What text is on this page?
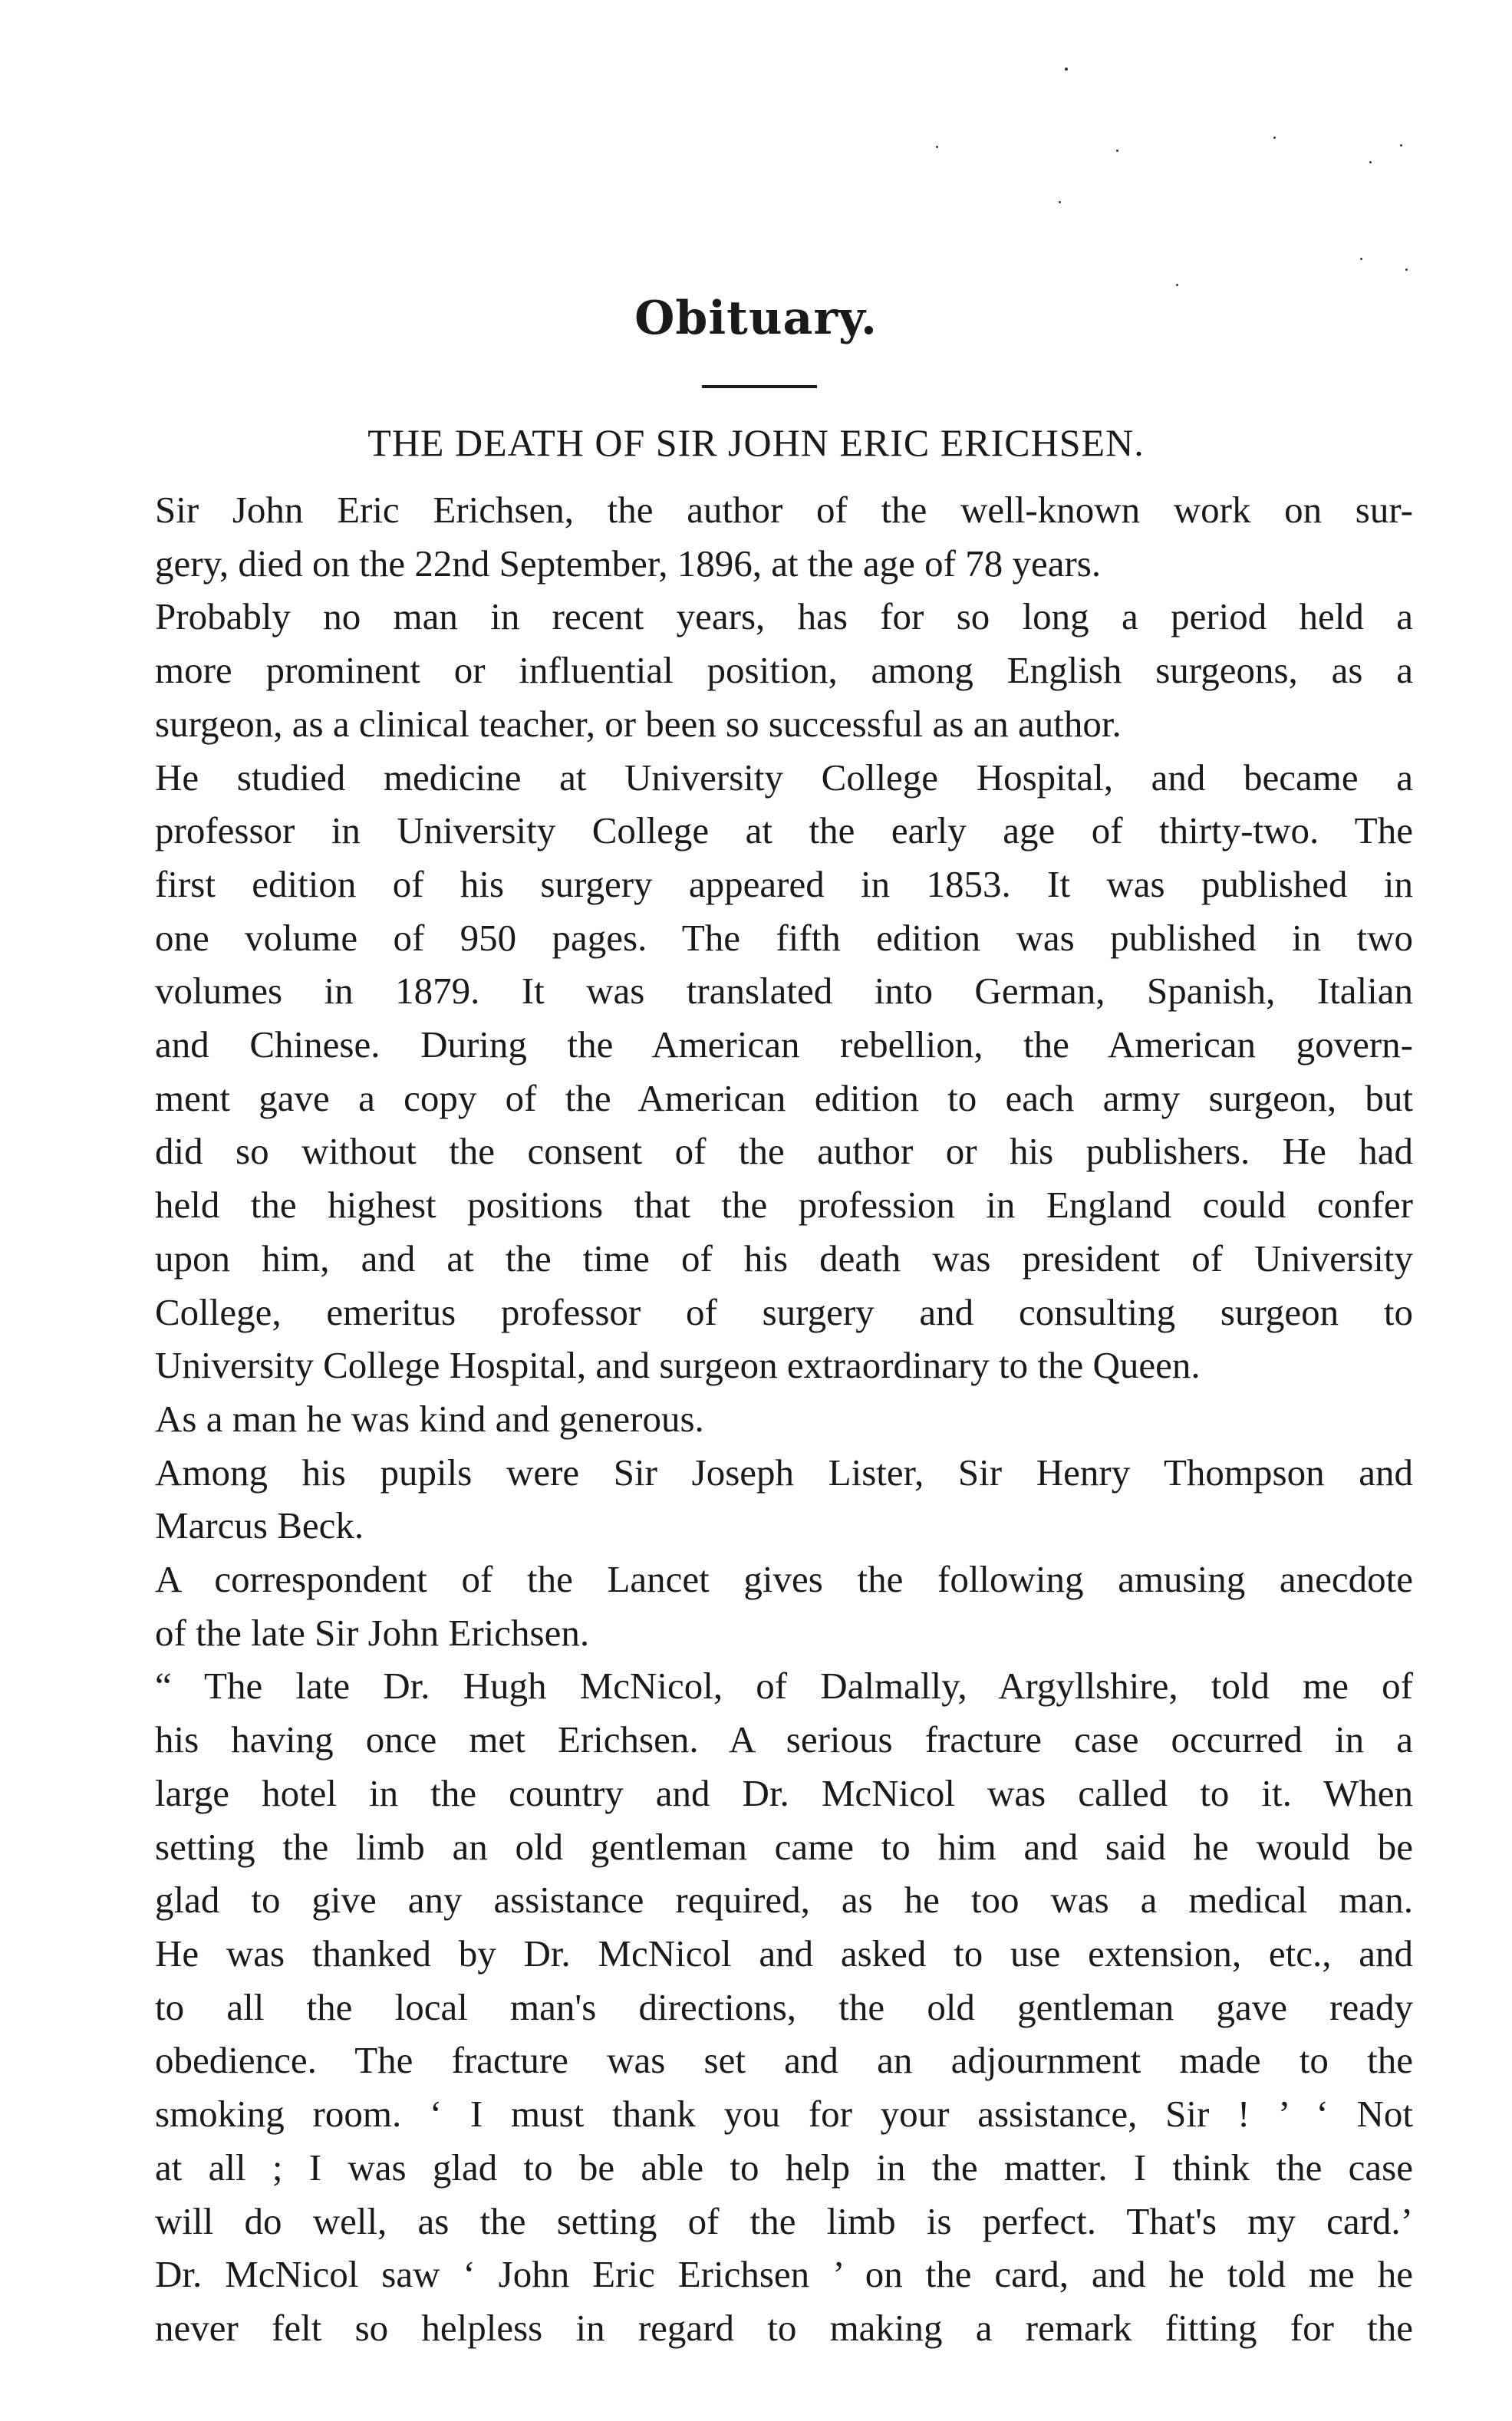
Obituary.
THE DEATH OF SIR JOHN ERIC ERICHSEN.

Sir John Eric Erichsen, the author of the well-known work on sur-
gery, died on the 22nd September, 1896, at the age of 78 years.

Probably no man in recent years, has for so long a period held a
more prominent or influential position, among English surgeons, as a
surgeon, as a clinical teacher, or been so successful as an author.

He studied medicine at University College Hospital, and became a
professor in University College at the early age of thirty-two. The
first edition of his surgery appeared in 1853. It was published in
one volume of 950 pages. The fifth edition was published in two
volumes in 1879. It was translated into German, Spanish, Italian
and Chinese. During the American rebellion, the American govern-
ment gave a copy of the American edition to each army surgeon, but
did so without the consent of the author or his publishers. He had
held the highest positions that the profession in England could confer
upon him, and at the time of his death was president of University
College, emeritus professor of surgery and consulting surgeon to
University College Hospital, and surgeon extraordinary to the Queen.

As a man he was kind and generous.

Among his pupils were Sir Joseph Lister, Sir Henry Thompson and
Marcus Beck.

A correspondent of the Lancet gives the following amusing anecdote
of the late Sir John Erichsen.

“ The late Dr. Hugh McNicol, of Dalmally, Argyllshire, told me of
his having once met Erichsen. A serious fracture case occurred in a
large hotel in the country and Dr. McNicol was called to it. When
setting the limb an old gentleman came to him and said he would be
glad to give any assistance required, as he too was a medical man.
He was thanked by Dr. McNicol and asked to use extension, etc., and
to all the local man's directions, the old gentleman gave ready
obedience. The fracture was set and an adjournment made to the
smoking room. ‘ I must thank you for your assistance, Sir ! ’ ‘ Not
at all ; I was glad to be able to help in the matter. I think the case
will do well, as the setting of the limb is perfect. That's my card.’
Dr. McNicol saw ‘ John Eric Erichsen ’ on the card, and he told me he
never felt so helpless in regard to making a remark fitting for the
